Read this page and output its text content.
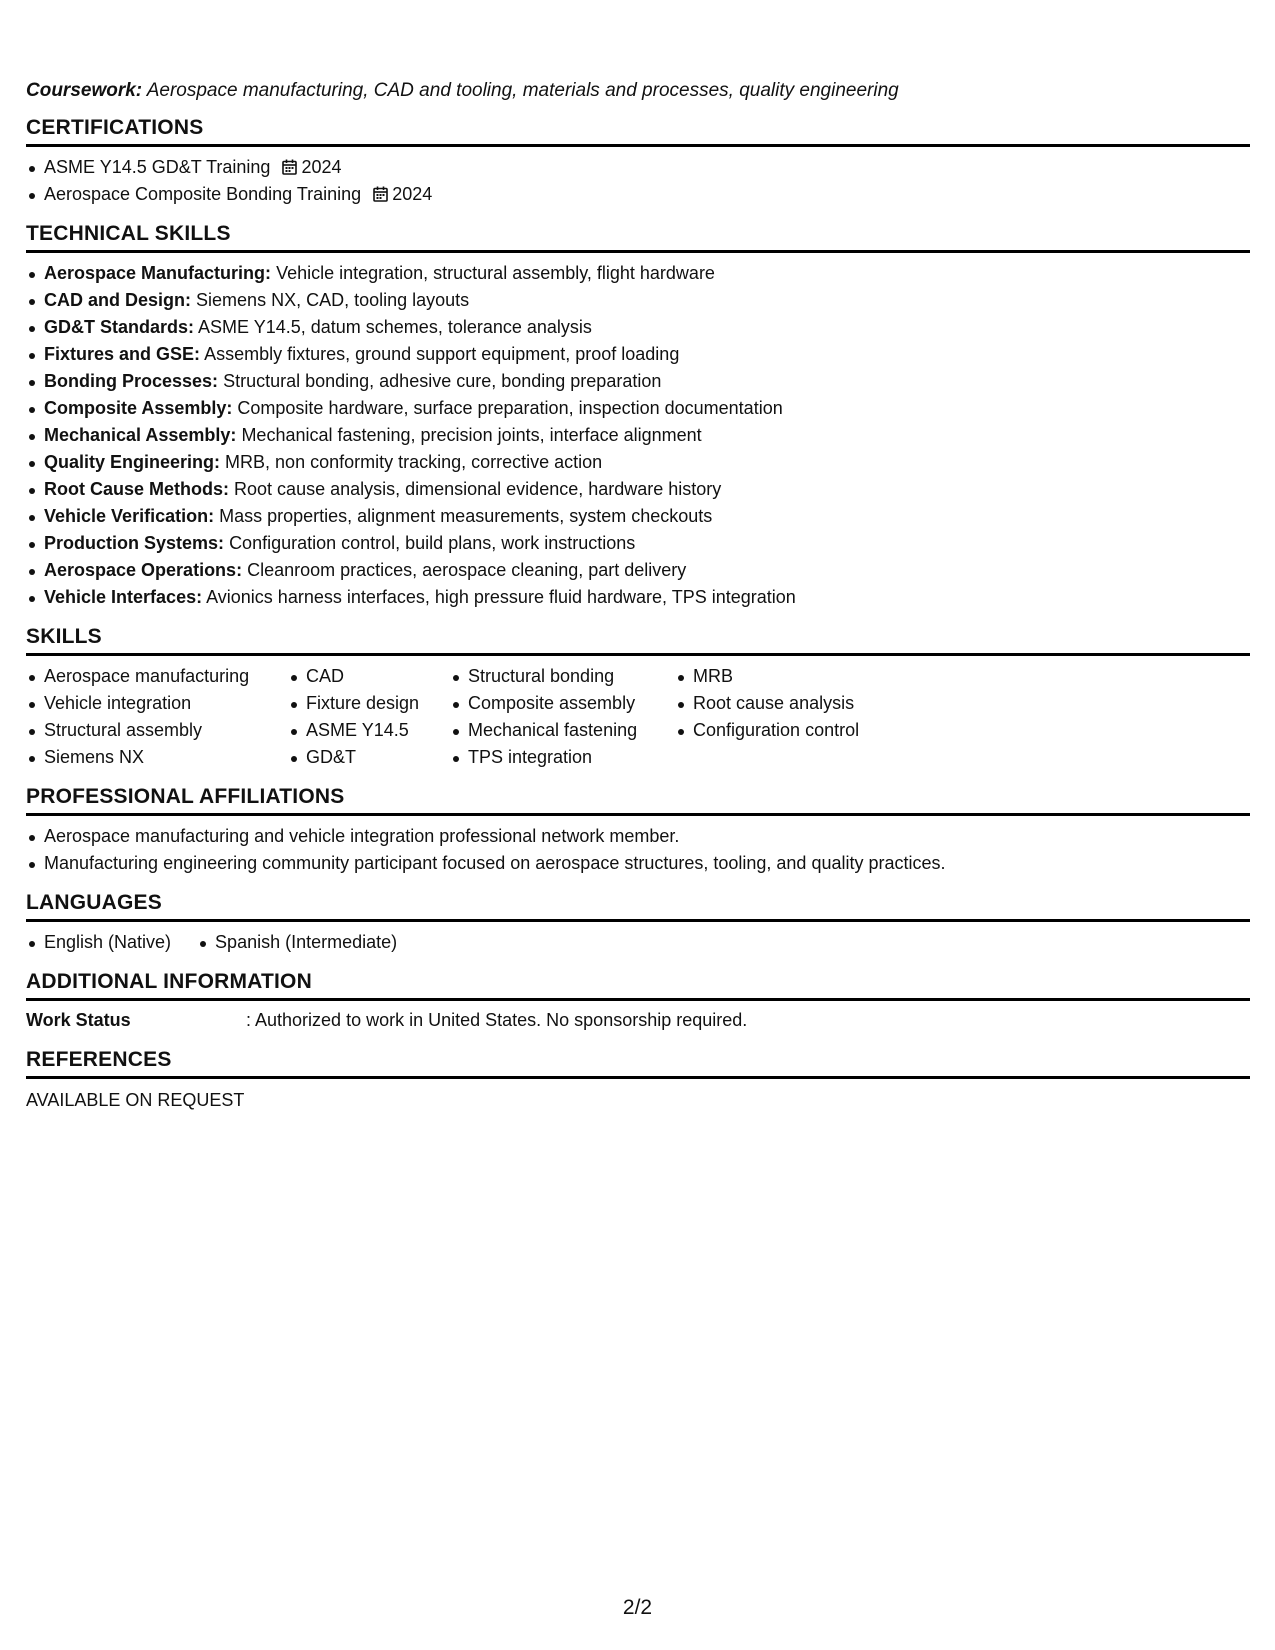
Coursework: Aerospace manufacturing, CAD and tooling, materials and processes, quality engineering

CERTIFICATIONS
ASME Y14.5 GD&T Training 2024
Aerospace Composite Bonding Training 2024
TECHNICAL SKILLS
Aerospace Manufacturing: Vehicle integration, structural assembly, flight hardware
CAD and Design: Siemens NX, CAD, tooling layouts
GD&T Standards: ASME Y14.5, datum schemes, tolerance analysis
Fixtures and GSE: Assembly fixtures, ground support equipment, proof loading
Bonding Processes: Structural bonding, adhesive cure, bonding preparation
Composite Assembly: Composite hardware, surface preparation, inspection documentation
Mechanical Assembly: Mechanical fastening, precision joints, interface alignment
Quality Engineering: MRB, non conformity tracking, corrective action
Root Cause Methods: Root cause analysis, dimensional evidence, hardware history
Vehicle Verification: Mass properties, alignment measurements, system checkouts
Production Systems: Configuration control, build plans, work instructions
Aerospace Operations: Cleanroom practices, aerospace cleaning, part delivery
Vehicle Interfaces: Avionics harness interfaces, high pressure fluid hardware, TPS integration
SKILLS
Aerospace manufacturing
Vehicle integration
Structural assembly
Siemens NX
CAD
Fixture design
ASME Y14.5
GD&T
Structural bonding
Composite assembly
Mechanical fastening
TPS integration
MRB
Root cause analysis
Configuration control
PROFESSIONAL AFFILIATIONS
Aerospace manufacturing and vehicle integration professional network member.
Manufacturing engineering community participant focused on aerospace structures, tooling, and quality practices.
LANGUAGES
English (Native)	Spanish (Intermediate)
ADDITIONAL INFORMATION
Work Status	: Authorized to work in United States. No sponsorship required.
REFERENCES

AVAILABLE ON REQUEST

2/2
